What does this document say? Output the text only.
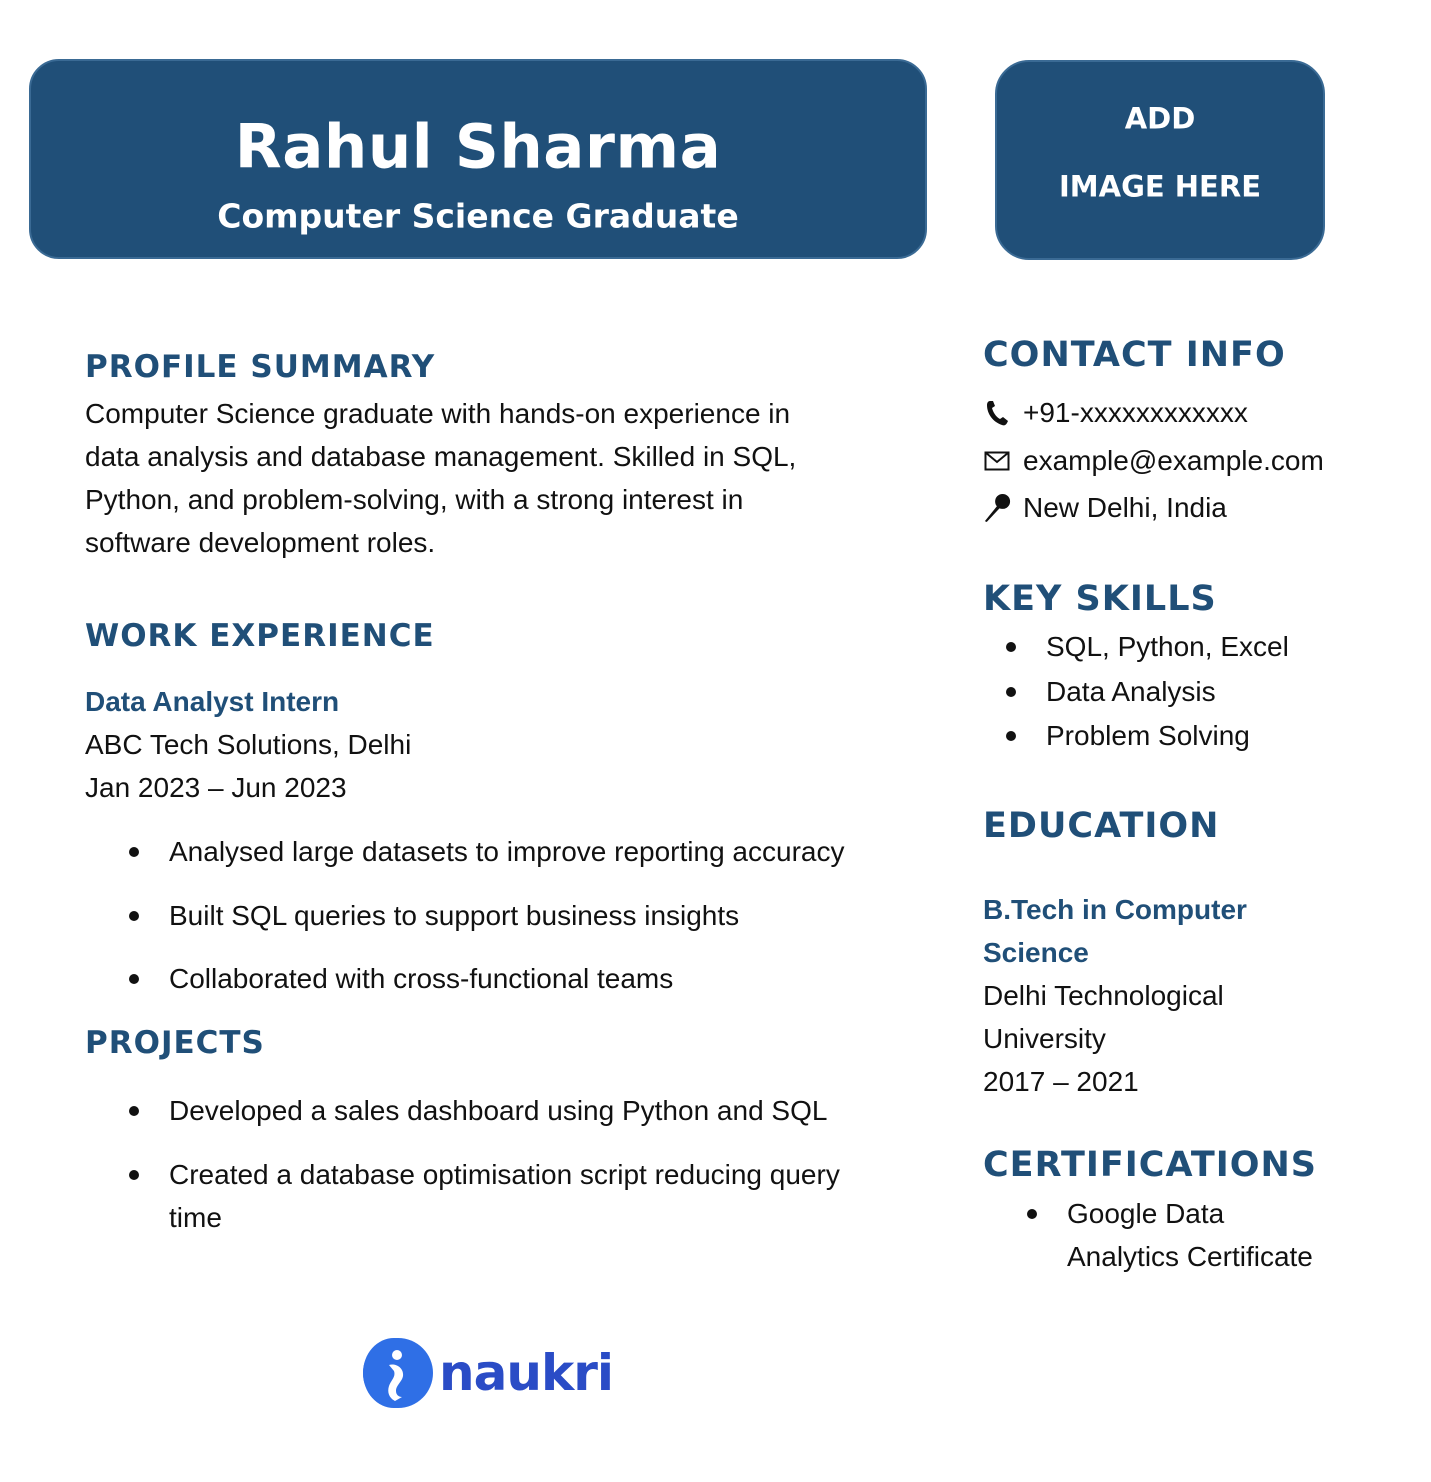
Rahul Sharma
Computer Science Graduate
ADD
IMAGE HERE
PROFILE SUMMARY
Computer Science graduate with hands-on experience in
data analysis and database management. Skilled in SQL,
Python, and problem-solving, with a strong interest in
software development roles.
WORK EXPERIENCE
Data Analyst Intern
ABC Tech Solutions, Delhi
Jan 2023 – Jun 2023
Analysed large datasets to improve reporting accuracy
Built SQL queries to support business insights
Collaborated with cross-functional teams
PROJECTS
Developed a sales dashboard using Python and SQL
Created a database optimisation script reducing query
time
CONTACT INFO
+91-xxxxxxxxxxxx
example@example.com
New Delhi, India
KEY SKILLS
SQL, Python, Excel
Data Analysis
Problem Solving
EDUCATION
B.Tech in Computer
Science
Delhi Technological
University
2017 – 2021
CERTIFICATIONS
Google Data
Analytics Certificate
naukri
